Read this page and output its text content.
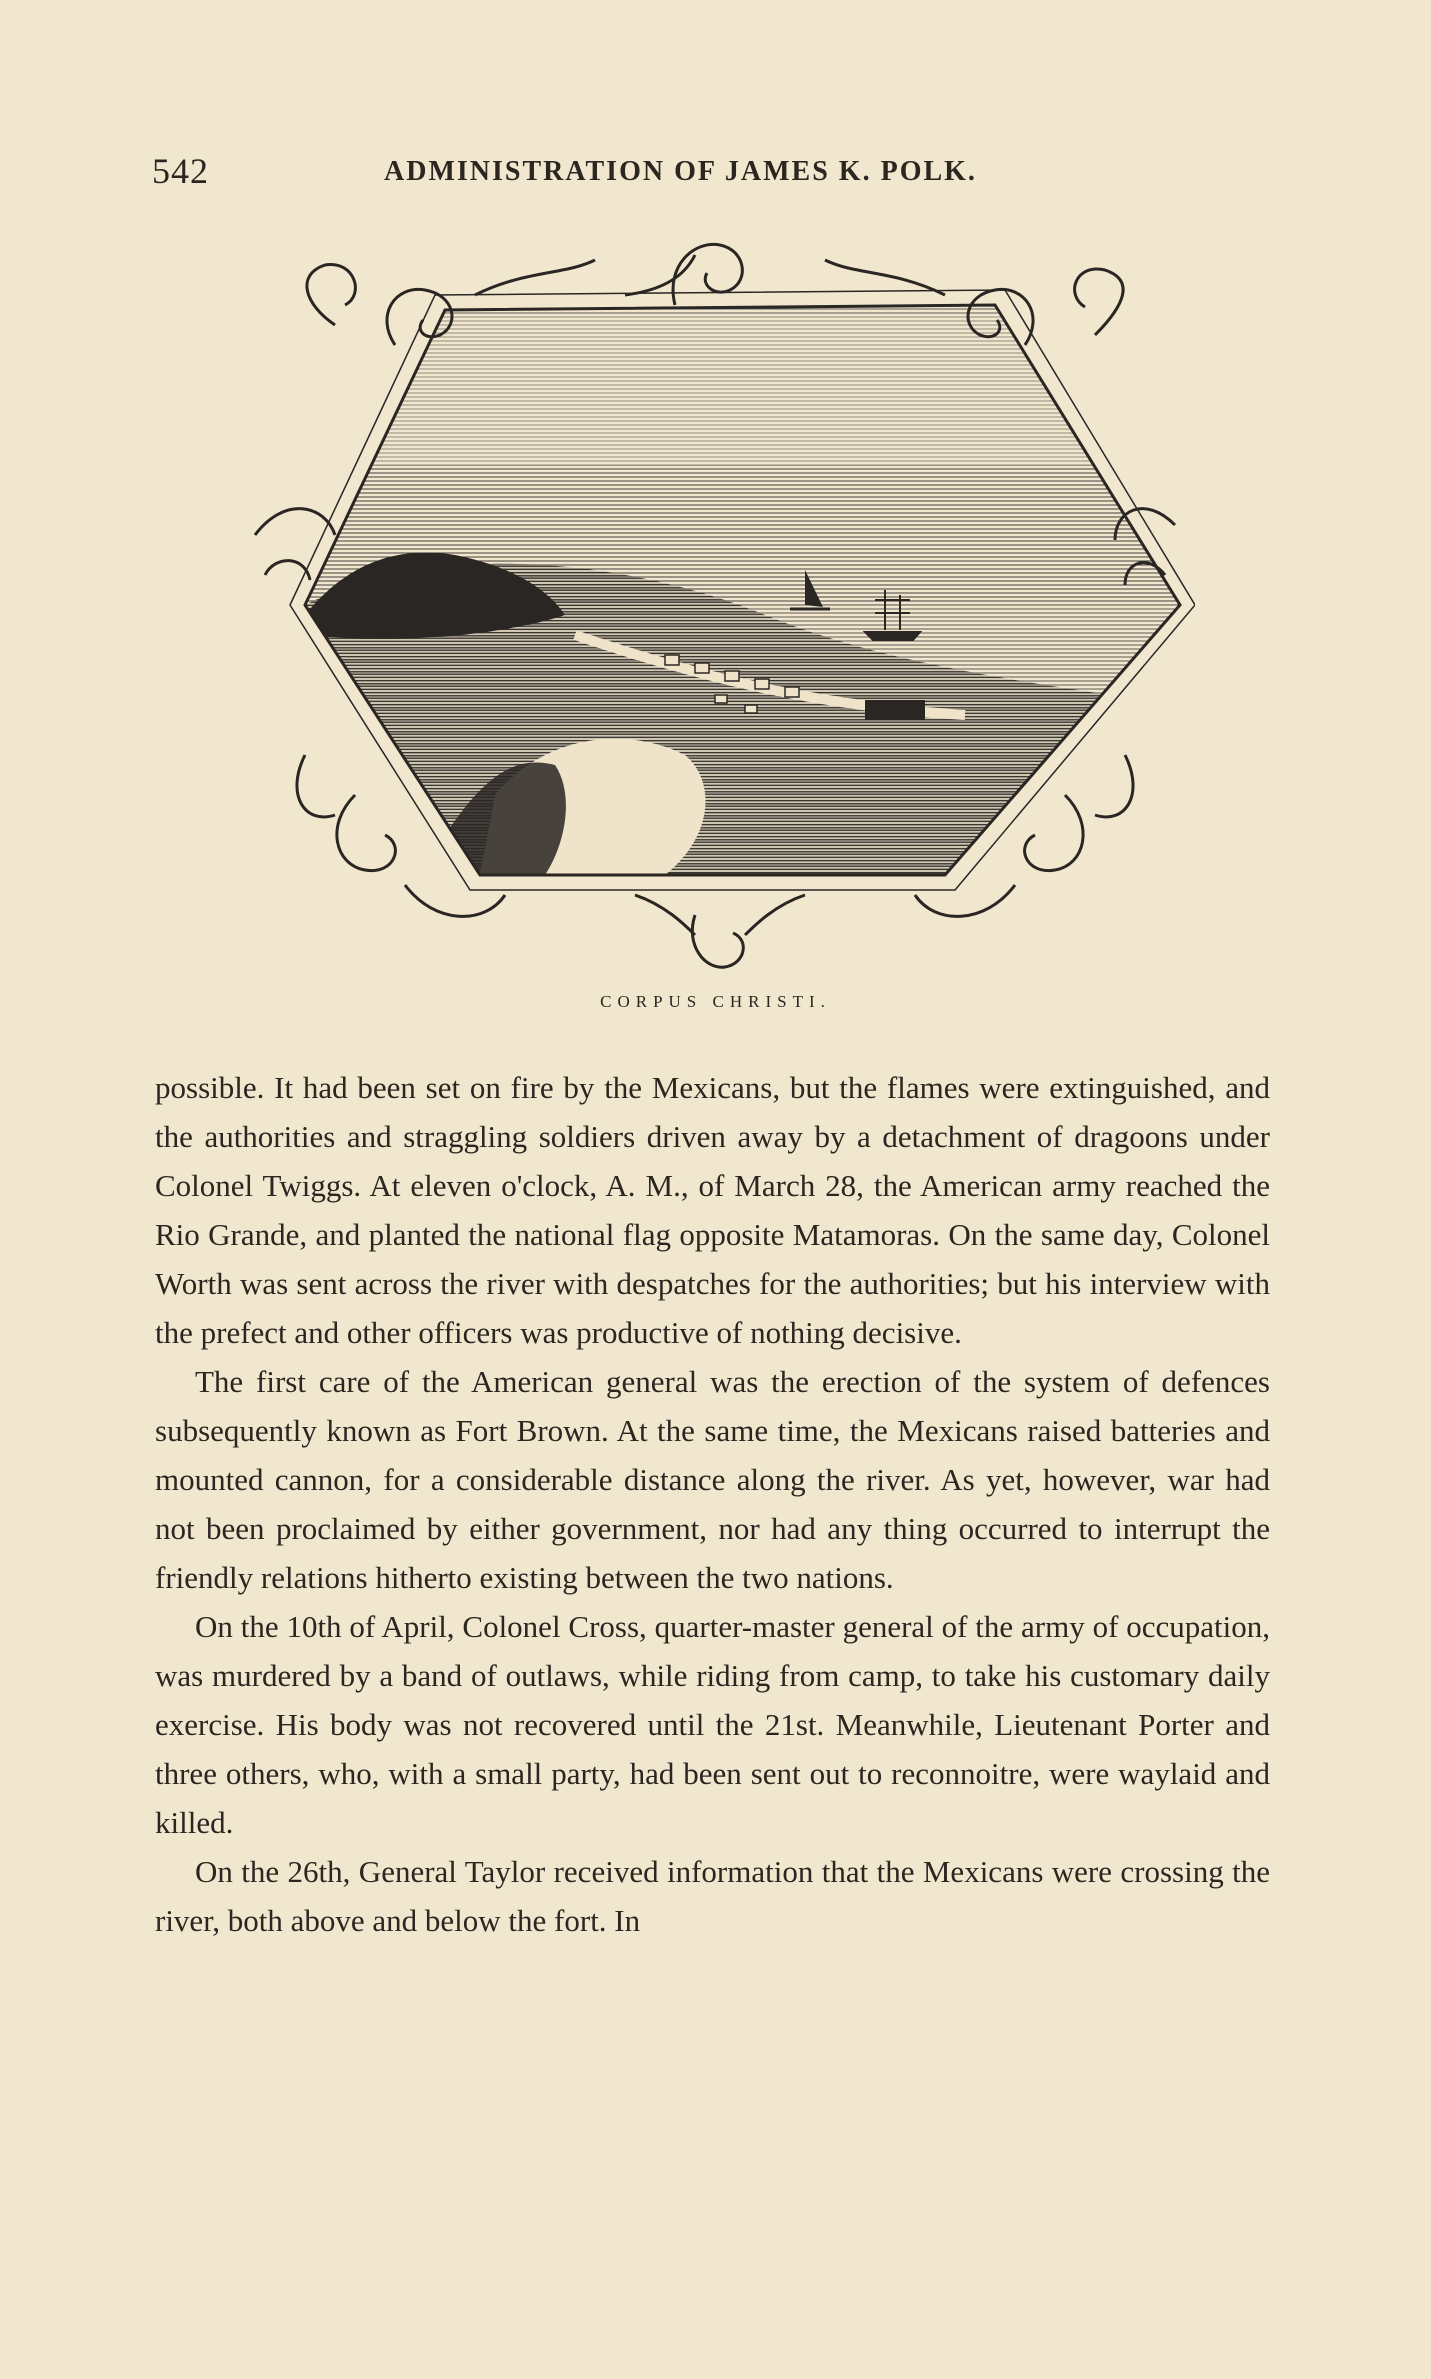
542	ADMINISTRATION OF JAMES K. POLK.
CORPUS CHRISTI.

possible. It had been set on fire by the Mexicans, but the flames were extinguished, and the authorities and straggling soldiers driven away by a detachment of dragoons under Colonel Twiggs. At eleven o'clock, A. M., of March 28, the American army reached the Rio Grande, and planted the national flag opposite Matamoras. On the same day, Colonel Worth was sent across the river with despatches for the authorities; but his interview with the prefect and other officers was productive of nothing decisive.

The first care of the American general was the erection of the system of defences subsequently known as Fort Brown. At the same time, the Mexicans raised batteries and mounted cannon, for a considerable distance along the river. As yet, however, war had not been proclaimed by either government, nor had any thing occurred to interrupt the friendly relations hitherto existing between the two nations.

On the 10th of April, Colonel Cross, quarter-master general of the army of occupation, was murdered by a band of outlaws, while riding from camp, to take his customary daily exercise. His body was not recovered until the 21st. Meanwhile, Lieutenant Porter and three others, who, with a small party, had been sent out to reconnoitre, were waylaid and killed.

On the 26th, General Taylor received information that the Mexicans were crossing the river, both above and below the fort. In
